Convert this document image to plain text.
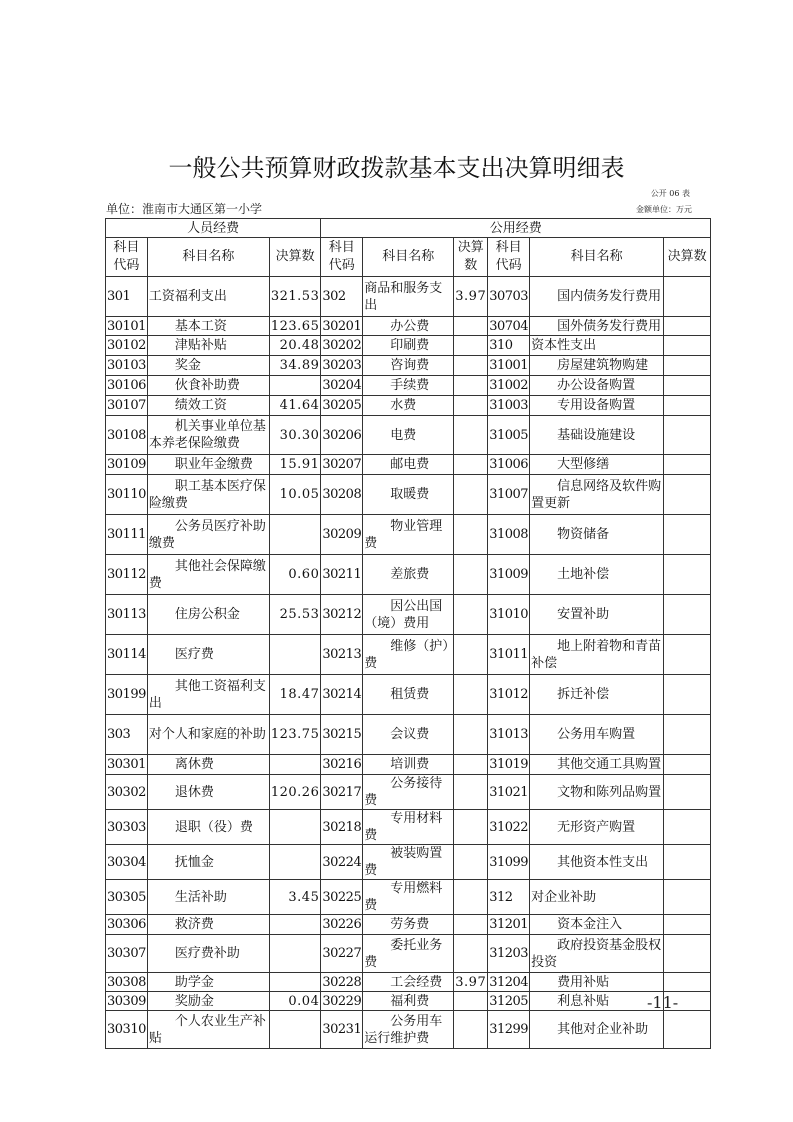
一般公共预算财政拨款基本支出决算明细表
公开 06 表
单位：淮南市大通区第一小学	金额单位：万元
人员经费			公用经费					
科目代码	科目名称	决算数	科目代码	科目名称	决算数	科目代码	科目名称	决算数
301	工资福利支出	321.53	302	商品和服务支出	3.97	30703	国内债务发行费用	
30101	基本工资	123.65	30201	办公费		30704	国外债务发行费用	
30102	津贴补贴	20.48	30202	印刷费		310	资本性支出	
30103	奖金	34.89	30203	咨询费		31001	房屋建筑物购建	
30106	伙食补助费		30204	手续费		31002	办公设备购置	
30107	绩效工资	41.64	30205	水费		31003	专用设备购置	
30108	机关事业单位基本养老保险缴费	30.30	30206	电费		31005	基础设施建设	
30109	职业年金缴费	15.91	30207	邮电费		31006	大型修缮	
30110	职工基本医疗保险缴费	10.05	30208	取暖费		31007	信息网络及软件购置更新	
30111	公务员医疗补助缴费		30209	物业管理费		31008	物资储备	
30112	其他社会保障缴费	0.60	30211	差旅费		31009	土地补偿	
30113	住房公积金	25.53	30212	因公出国（境）费用		31010	安置补助	
30114	医疗费		30213	维修（护）费		31011	地上附着物和青苗补偿	
30199	其他工资福利支出	18.47	30214	租赁费		31012	拆迁补偿	
303	对个人和家庭的补助	123.75	30215	会议费		31013	公务用车购置	
30301	离休费		30216	培训费		31019	其他交通工具购置	
30302	退休费	120.26	30217	公务接待费		31021	文物和陈列品购置	
30303	退职（役）费		30218	专用材料费		31022	无形资产购置	
30304	抚恤金		30224	被装购置费		31099	其他资本性支出	
30305	生活补助	3.45	30225	专用燃料费		312	对企业补助	
30306	救济费		30226	劳务费		31201	资本金注入	
30307	医疗费补助		30227	委托业务费		31203	政府投资基金股权投资	
30308	助学金		30228	工会经费	3.97	31204	费用补贴	
30309	奖励金	0.04	30229	福利费		31205	利息补贴	
30310	个人农业生产补贴		30231	公务用车运行维护费		31299	其他对企业补助	
-11-
